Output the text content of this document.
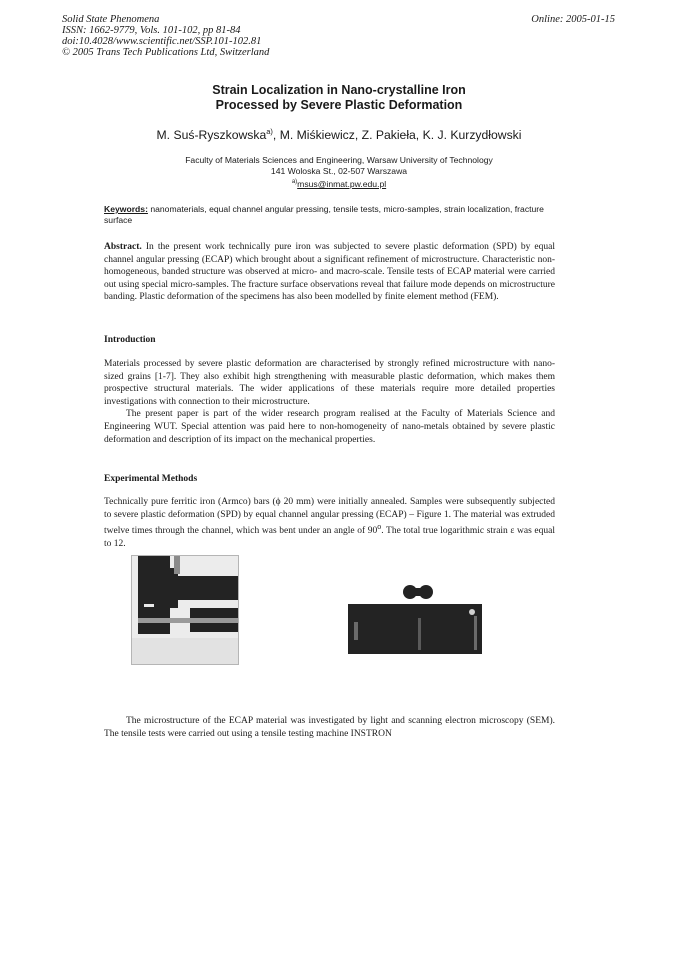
Solid State Phenomena
ISSN: 1662-9779, Vols. 101-102, pp 81-84
doi:10.4028/www.scientific.net/SSP.101-102.81
© 2005 Trans Tech Publications Ltd, Switzerland
Online: 2005-01-15
Strain Localization in Nano-crystalline Iron
Processed by Severe Plastic Deformation
M. Suś-Ryszkowska$^{a)}$, M. Miśkiewicz, Z. Pakieła, K. J. Kurzydłowski
Faculty of Materials Sciences and Engineering, Warsaw University of Technology
141 Woloska St., 02-507 Warszawa
$^{a)}$msus@inmat.pw.edu.pl
Keywords: nanomaterials, equal channel angular pressing, tensile tests, micro-samples, strain localization, fracture surface
Abstract. In the present work technically pure iron was subjected to severe plastic deformation (SPD) by equal channel angular pressing (ECAP) which brought about a significant refinement of microstructure. Characteristic non-homogeneous, banded structure was observed at micro- and macro-scale. Tensile tests of ECAP material were carried out using special micro-samples. The fracture surface observations reveal that failure mode depends on microstructure banding. Plastic deformation of the specimens has also been modelled by finite element method (FEM).
Introduction
Materials processed by severe plastic deformation are characterised by strongly refined microstructure with nano-sized grains [1-7]. They also exhibit high strengthening with measurable plastic deformation, which makes them prospective structural materials. The wider applications of these materials require more detailed properties investigations with connection to their microstructure.
The present paper is part of the wider research program realised at the Faculty of Materials Science and Engineering WUT. Special attention was paid here to non-homogeneity of nano-metals obtained by severe plastic deformation and description of its impact on the mechanical properties.
Experimental Methods
Technically pure ferritic iron (Armco) bars (ϕ 20 mm) were initially annealed. Samples were subsequently subjected to severe plastic deformation (SPD) by equal channel angular pressing (ECAP) – Figure 1. The material was extruded twelve times through the channel, which was bent under an angle of 90$^o$. The total true logarithmic strain ε was equal to 12.
The microstructure of the ECAP material was investigated by light and scanning electron microscopy (SEM). The tensile tests were carried out using a tensile testing machine INSTRON
